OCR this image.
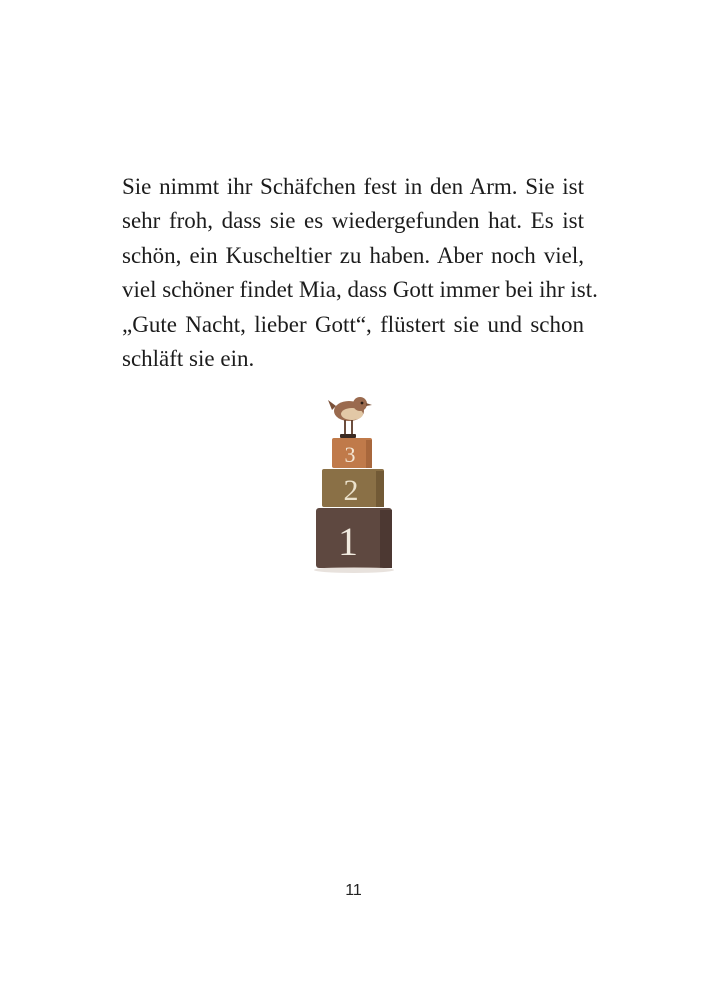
Sie nimmt ihr Schäfchen fest in den Arm. Sie ist
sehr froh, dass sie es wiedergefunden hat. Es ist
schön, ein Kuscheltier zu haben. Aber noch viel,
viel schöner findet Mia, dass Gott immer bei ihr ist.
„Gute Nacht, lieber Gott“, flüstert sie und schon
schläft sie ein.
3
2
1
11
